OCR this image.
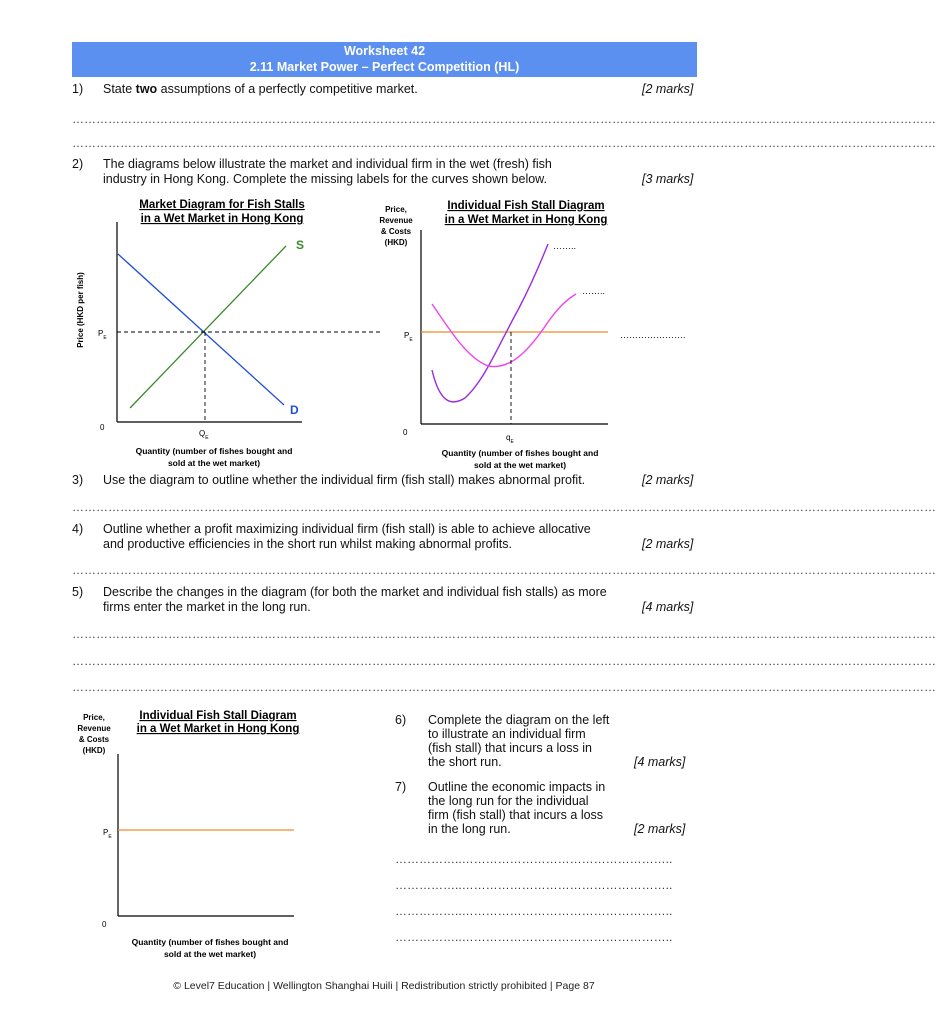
Worksheet 42
2.11 Market Power – Perfect Competition (HL)
1) State two assumptions of a perfectly competitive market.	[2 marks]
………………………………………………………………………………………………………………………………………………………………………………………………
………………………………………………………………………………………………………………………………………………………………………………………………
2) The diagrams below illustrate the market and individual firm in the wet (fresh) fish
industry in Hong Kong. Complete the missing labels for the curves shown below.	[3 marks]
Market Diagram for Fish Stalls
in a Wet Market in Hong Kong
Price (HKD per fish)
S
D
$P_E$
0
$Q_E$
Quantity (number of fishes bought and
sold at the wet market)
Price,
Revenue
& Costs
(HKD)
Individual Fish Stall Diagram
in a Wet Market in Hong Kong
……..
……..
………………….
$P_E$
0
$q_E$
Quantity (number of fishes bought and
sold at the wet market)
3) Use the diagram to outline whether the individual firm (fish stall) makes abnormal profit.	[2 marks]
………………………………………………………………………………………………………………………………………………………………………………………………
4) Outline whether a profit maximizing individual firm (fish stall) is able to achieve allocative
and productive efficiencies in the short run whilst making abnormal profits.	[2 marks]
………………………………………………………………………………………………………………………………………………………………………………………………
5) Describe the changes in the diagram (for both the market and individual fish stalls) as more
firms enter the market in the long run.	[4 marks]
………………………………………………………………………………………………………………………………………………………………………………………………
………………………………………………………………………………………………………………………………………………………………………………………………
………………………………………………………………………………………………………………………………………………………………………………………………
Price,
Revenue
& Costs
(HKD)
Individual Fish Stall Diagram
in a Wet Market in Hong Kong
$P_E$
0
Quantity (number of fishes bought and
sold at the wet market)
6) Complete the diagram on the left
to illustrate an individual firm
(fish stall) that incurs a loss in
the short run.	[4 marks]
7) Outline the economic impacts in
the long run for the individual
firm (fish stall) that incurs a loss
in the long run.	[2 marks]
……………..……………………………………………..
……………..……………………………………………..
……………..……………………………………………..
……………..……………………………………………..
© Level7 Education | Wellington Shanghai Huili | Redistribution strictly prohibited | Page 87
